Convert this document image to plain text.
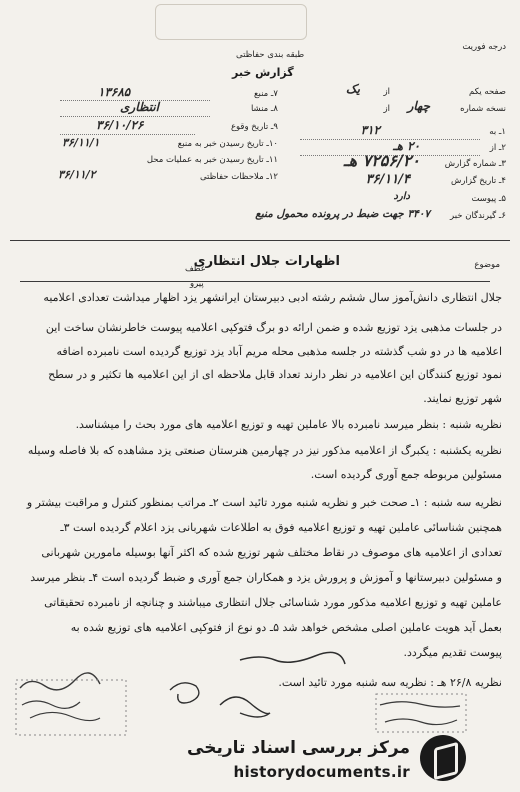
درجه فوریت
طبقه بندی حفاظتی
گزارش خبر
۷ـ منبع
۱۳۶۸۵
۸ـ منشا
انتظاری
۹ـ تاریخ وقوع
۳۶/۱۰/۲۶
۱۰ـ تاریخ رسیدن خبر به منبع
۳۶/۱۱/۱
۱۱ـ تاریخ رسیدن خبر به عملیات محل
۱۲ـ ملاحظات حفاظتی
۳۶/۱۱/۲
صفحه یکم
از
یک
نسخه شماره
چهار
از
۱ـ به
۳۱۲
۲ـ از
۲۰ هـ
۳ـ شماره گزارش
۷۲۵۶/۲۰ هـ
۴ـ تاریخ گزارش
۳۶/۱۱/۴
۵ـ پیوست
دارد
۶ـ گیرندگان خبر
۳۴۰۷ جهت ضبط در پرونده محمول منبع
عطف
پیرو
موضوع
اظهارات جلال انتظاری
جلال انتظاری دانش‌آموز سال ششم رشته ادبی دبیرستان ایرانشهر یزد اظهار میداشت تعدادی اعلامیه
در جلسات مذهبی یزد توزیع شده و ضمن ارائه دو برگ فتوکپی اعلامیه پیوست خاطرنشان ساخت این
اعلامیه ها در دو شب گذشته در جلسه مذهبی محله مریم آباد یزد توزیع گردیده است نامبرده اضافه
نمود توزیع کنندگان این اعلامیه در نظر دارند تعداد قابل ملاحظه ای از این اعلامیه ها تکثیر و در سطح
شهر توزیع نمایند.
نظریه شنبه : بنظر میرسد نامبرده بالا عاملین تهیه و توزیع اعلامیه های مورد بحث را میشناسد.
نظریه یکشنبه : یکبرگ از اعلامیه مذکور نیز در چهارمین هنرستان صنعتی یزد مشاهده که بلا فاصله وسیله
مسئولین مربوطه جمع آوری گردیده است.
نظریه سه شنبه : ۱ـ صحت خبر و نظریه شنبه مورد تائید است ۲ـ مراتب بمنظور کنترل و مراقبت بیشتر و
همچنین شناسائی عاملین تهیه و توزیع اعلامیه فوق به اطلاعات شهربانی یزد اعلام گردیده است ۳ـ
تعدادی از اعلامیه های موصوف در نقاط مختلف شهر توزیع شده که اکثر آنها بوسیله مامورین شهربانی
و مسئولین دبیرستانها و آموزش و پرورش یزد و همکاران جمع آوری و ضبط گردیده است ۴ـ بنظر میرسد
عاملین تهیه و توزیع اعلامیه مذکور مورد شناسائی جلال انتظاری میباشند و چنانچه از نامبرده تحقیقاتی
بعمل آید هویت عاملین اصلی مشخص خواهد شد ۵ـ دو نوع از فتوکپی اعلامیه های توزیع شده به
پیوست تقدیم میگردد.
نظریه ۲۶/۸ هـ : نظریه سه شنبه مورد تائید است.
مرکز بررسی اسناد تاریخی
historydocuments.ir
